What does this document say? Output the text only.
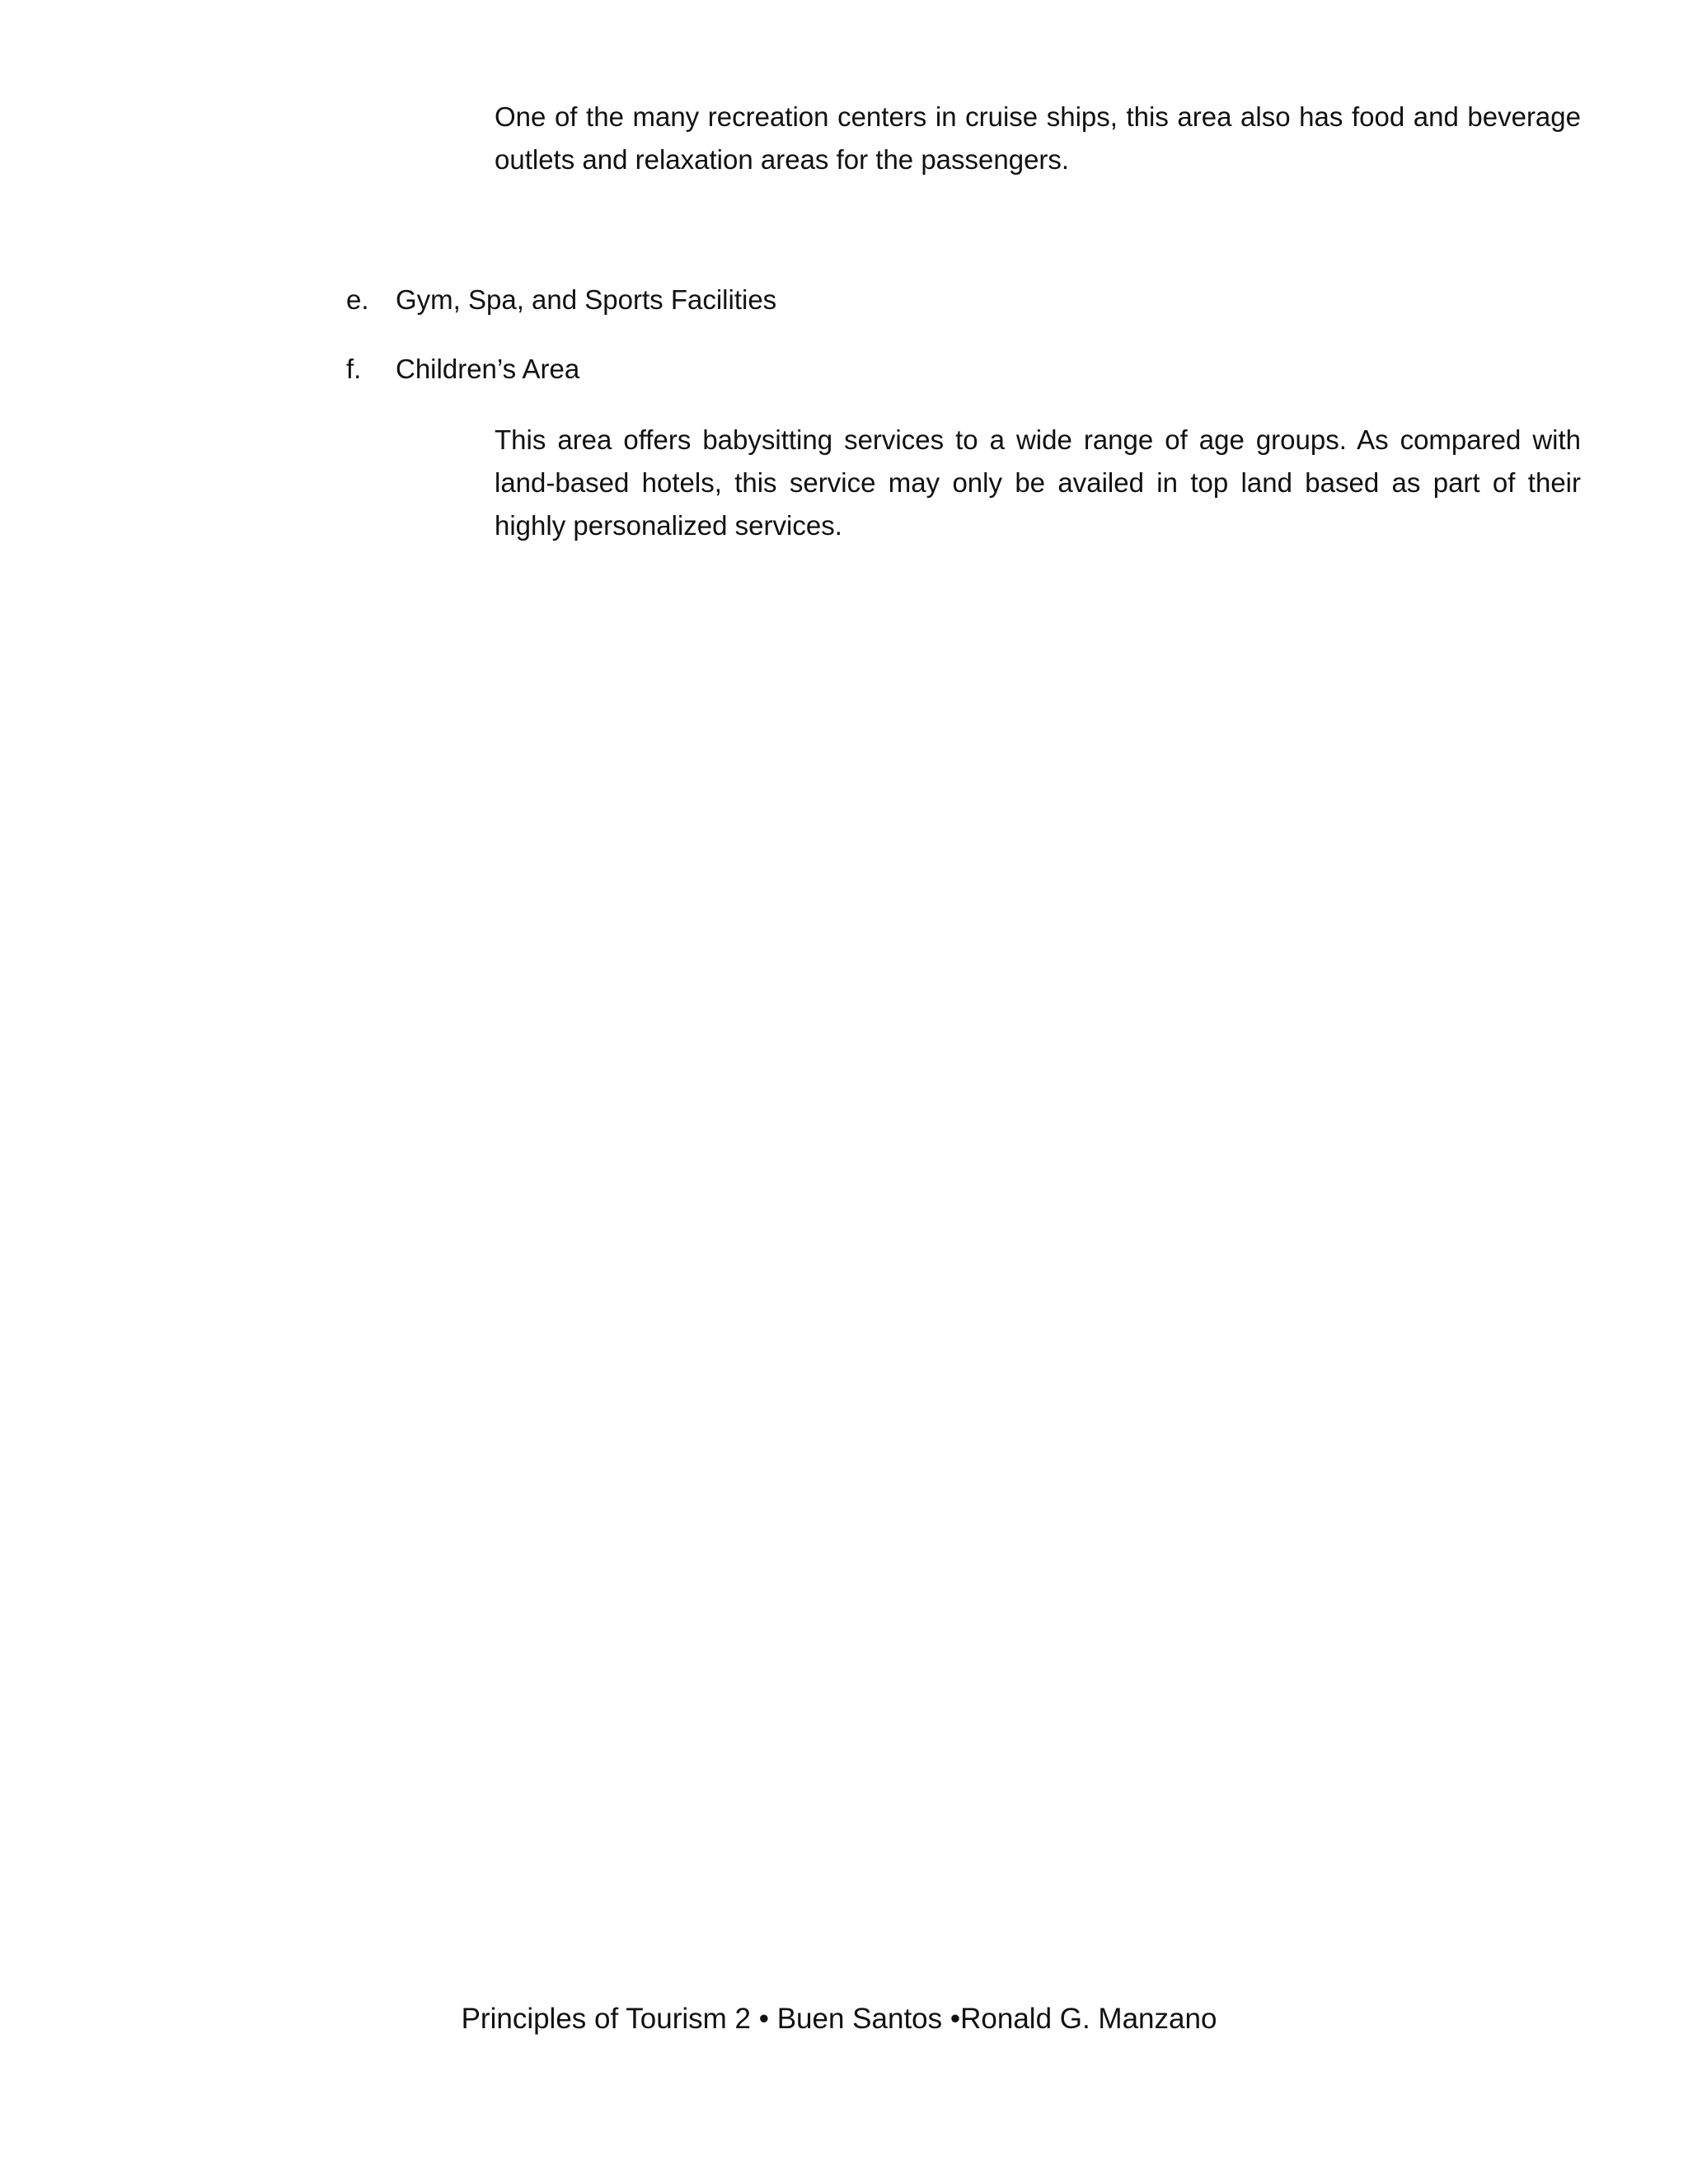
One of the many recreation centers in cruise ships, this area also has food and beverage outlets and relaxation areas for the passengers.

e. Gym, Spa, and Sports Facilities
f. Children’s Area

This area offers babysitting services to a wide range of age groups. As compared with land-based hotels, this service may only be availed in top land based as part of their highly personalized services.

Principles of Tourism 2 • Buen Santos •Ronald G. Manzano
